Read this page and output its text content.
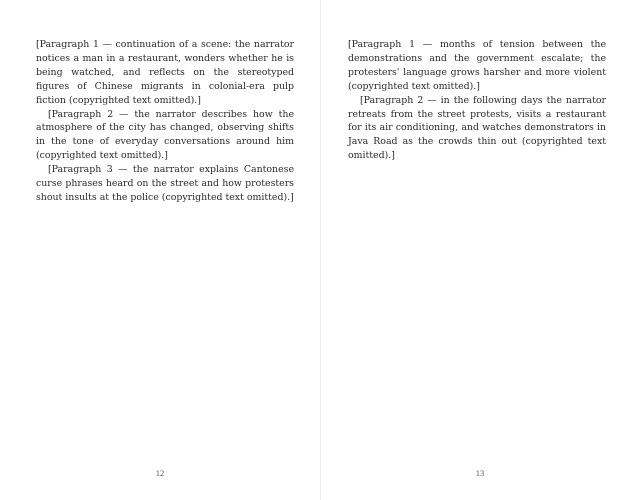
[Paragraph 1 — continuation of a scene: the narrator notices a man in a restaurant, wonders whether he is being watched, and reflects on the stereotyped figures of Chinese migrants in colonial-era pulp fiction (copyrighted text omitted).]

[Paragraph 2 — the narrator describes how the atmosphere of the city has changed, observing shifts in the tone of everyday conversations around him (copyrighted text omitted).]

[Paragraph 3 — the narrator explains Cantonese curse phrases heard on the street and how protesters shout insults at the police (copyrighted text omitted).]

12

[Paragraph 1 — months of tension between the demonstrations and the government escalate; the protesters' language grows harsher and more violent (copyrighted text omitted).]

[Paragraph 2 — in the following days the narrator retreats from the street protests, visits a restaurant for its air conditioning, and watches demonstrators in Java Road as the crowds thin out (copyrighted text omitted).]

13
